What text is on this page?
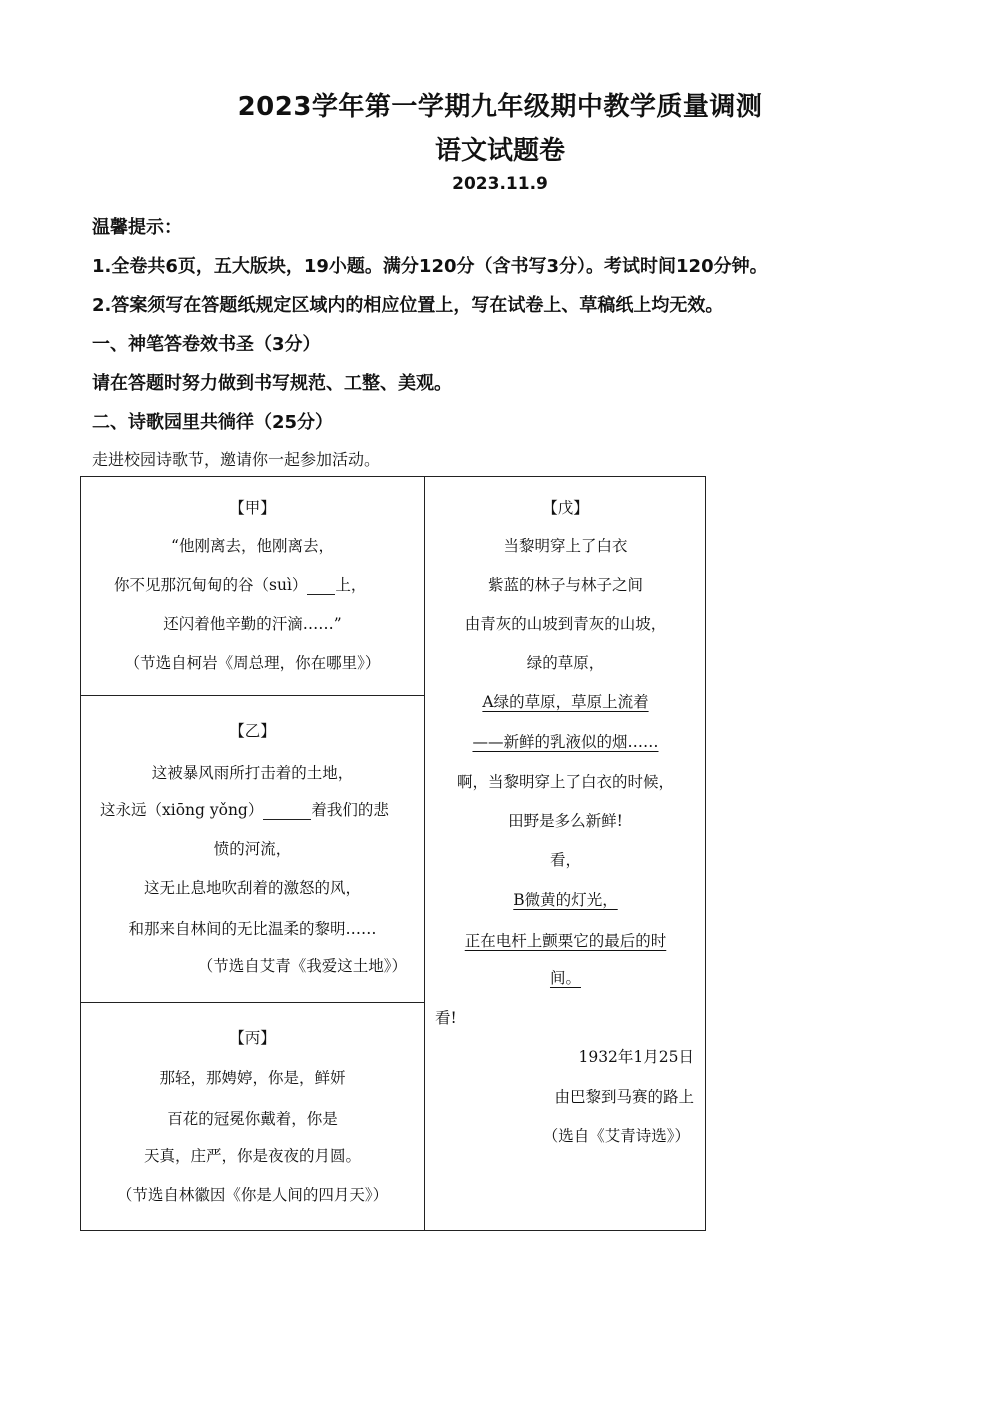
2023学年第一学期九年级期中教学质量调测
语文试题卷
2023.11.9
温馨提示：
1.全卷共6页，五大版块，19小题。满分120分（含书写3分）。考试时间120分钟。
2.答案须写在答题纸规定区域内的相应位置上，写在试卷上、草稿纸上均无效。
一、神笔答卷效书圣（3分）
请在答题时努力做到书写规范、工整、美观。
二、诗歌园里共徜徉（25分）
走进校园诗歌节，邀请你一起参加活动。
【甲】
“他刚离去，他刚离去，
你不见那沉甸甸的谷（suì） 上，
还闪着他辛勤的汗滴……”
（节选自柯岩《周总理，你在哪里》）
【乙】
这被暴风雨所打击着的土地，
这永远（xiōng yǒng）	着我们的悲
愤的河流，
这无止息地吹刮着的激怒的风，
和那来自林间的无比温柔的黎明……
（节选自艾青《我爱这土地》）
【丙】
那轻，那娉婷，你是，鲜妍
百花的冠冕你戴着，你是
天真，庄严，你是夜夜的月圆。
（节选自林徽因《你是人间的四月天》）
【戊】
当黎明穿上了白衣
紫蓝的林子与林子之间
由青灰的山坡到青灰的山坡，
绿的草原，
A绿的草原，草原上流着
——新鲜的乳液似的烟……
啊，当黎明穿上了白衣的时候，
田野是多么新鲜!
看，
B微黄的灯光，
正在电杆上颤栗它的最后的时
间。
看!
1932年1月25日
由巴黎到马赛的路上
（选自《艾青诗选》）
